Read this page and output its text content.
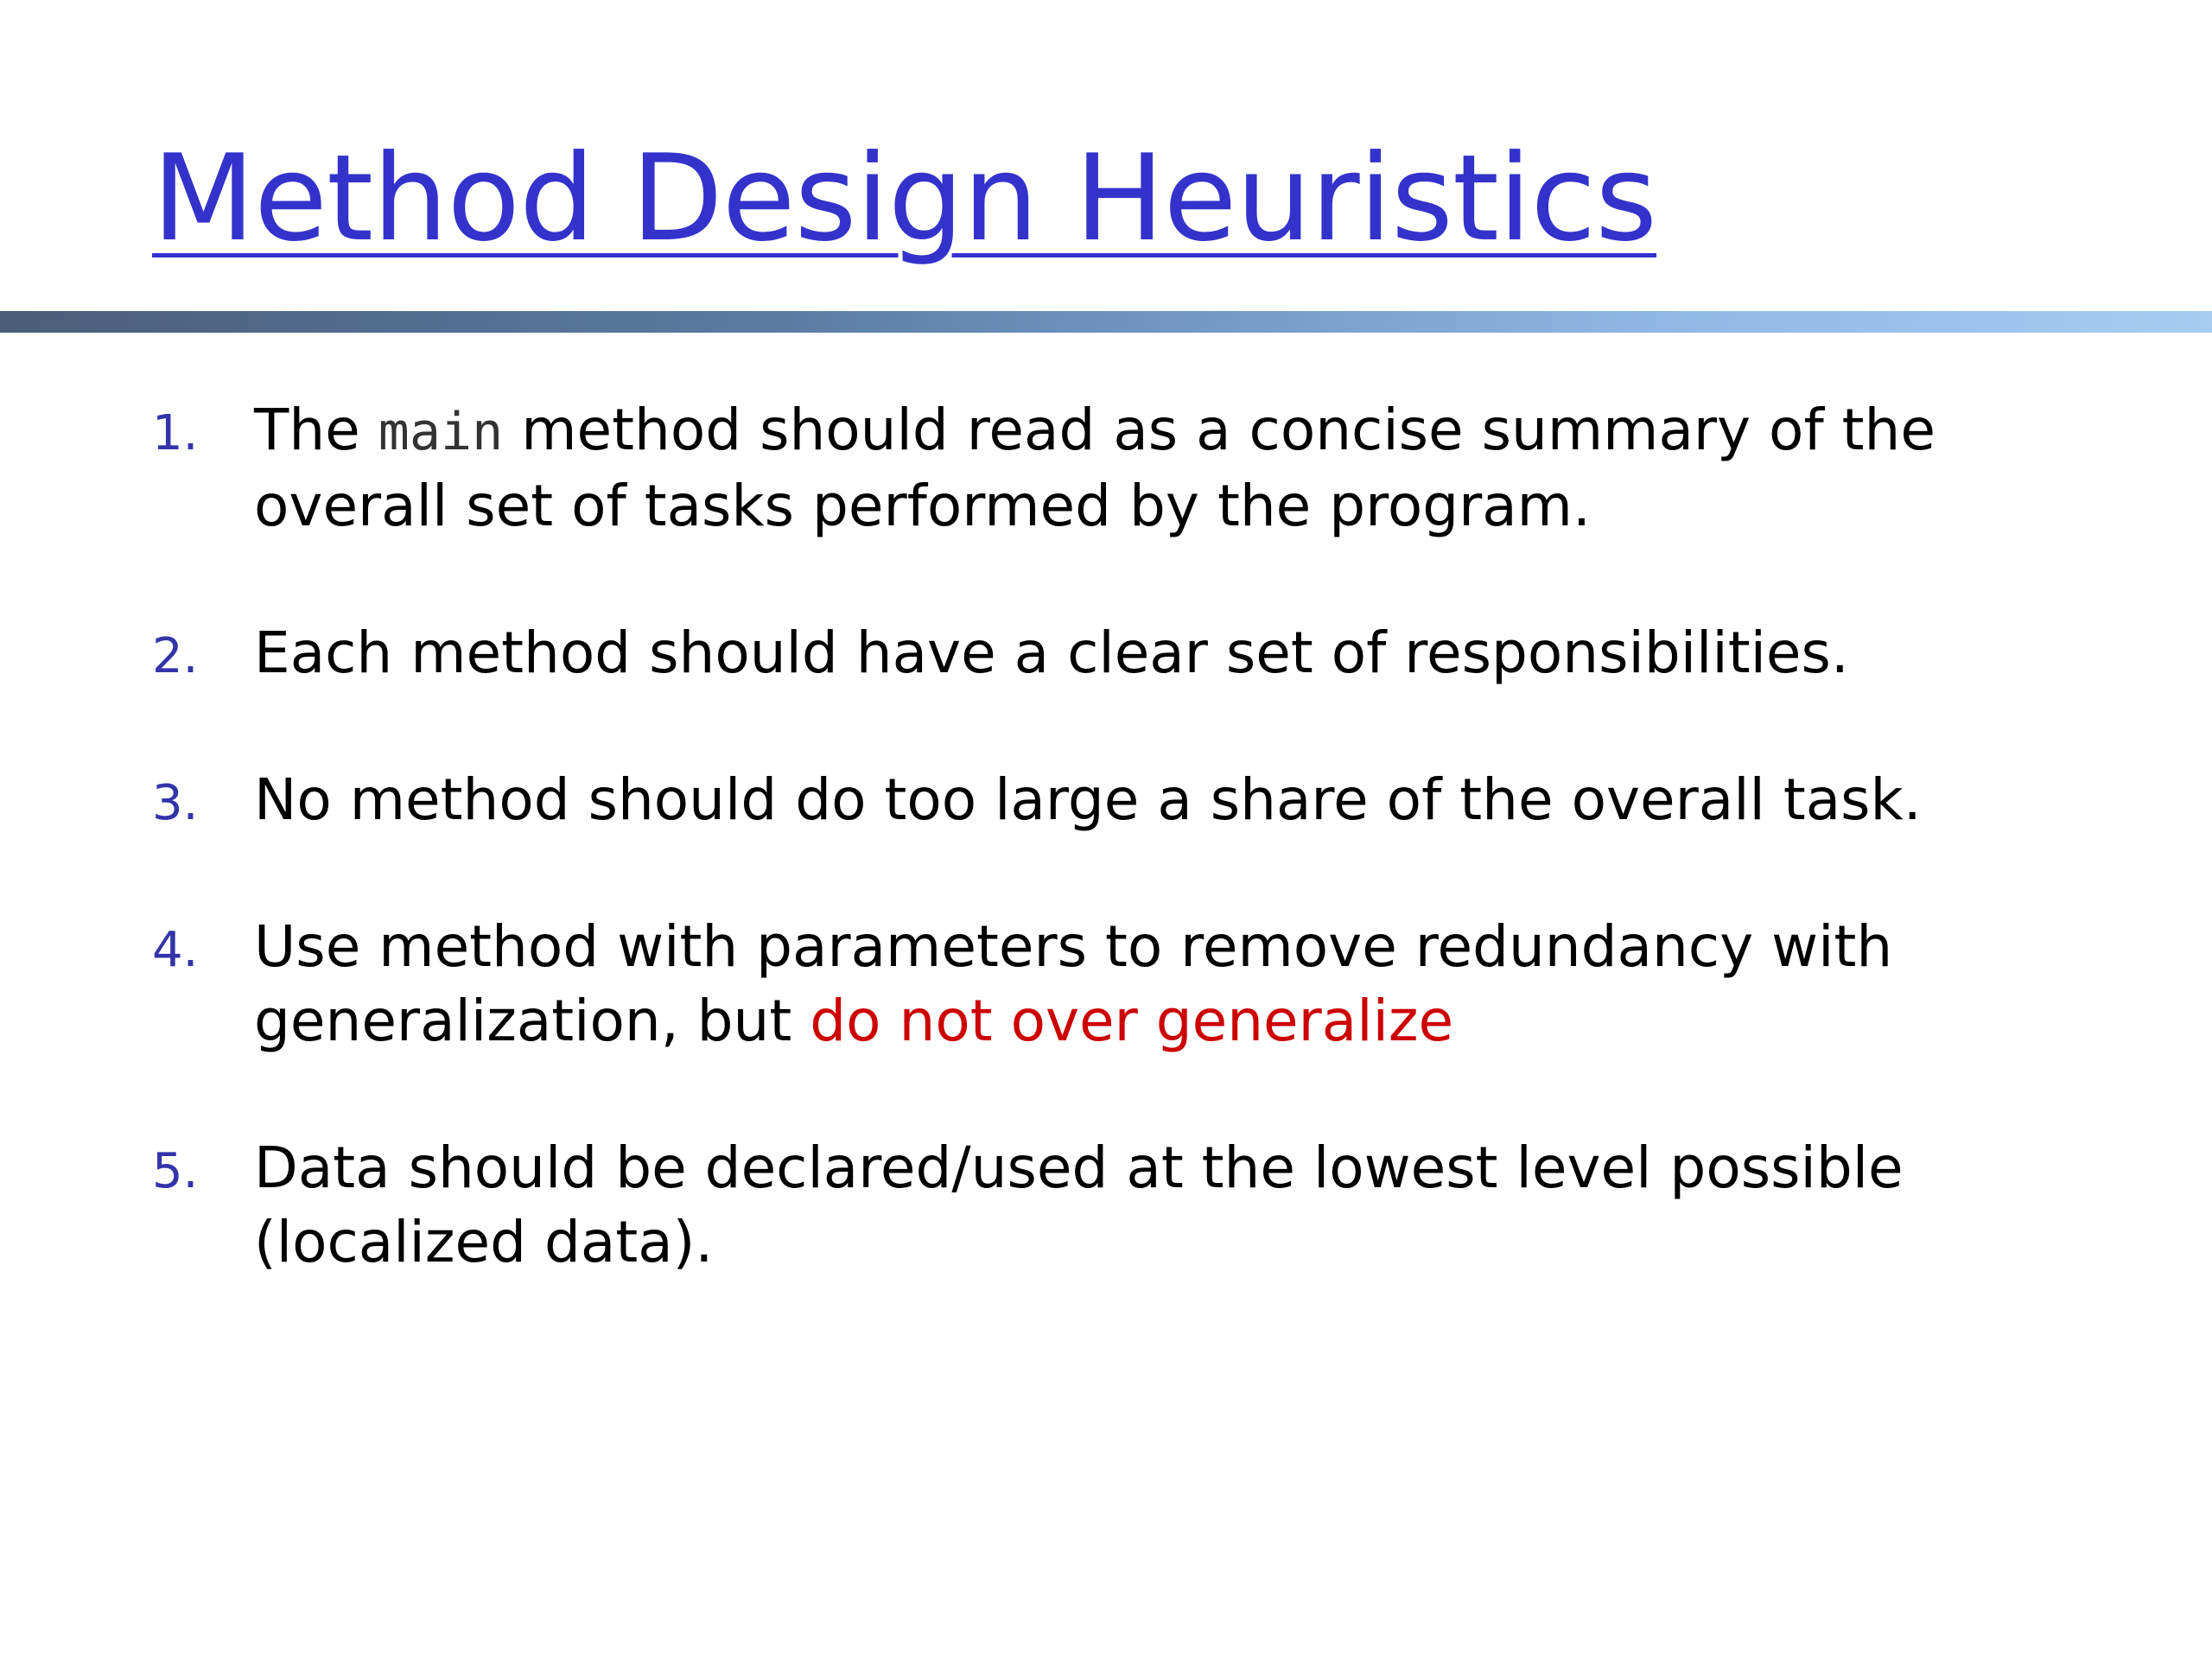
Method Design Heuristics
1. The main method should read as a concise summary of the overall set of tasks performed by the program.
2. Each method should have a clear set of responsibilities.
3. No method should do too large a share of the overall task.
4. Use method with parameters to remove redundancy with generalization, but do not over generalize
5. Data should be declared/used at the lowest level possible (localized data).
